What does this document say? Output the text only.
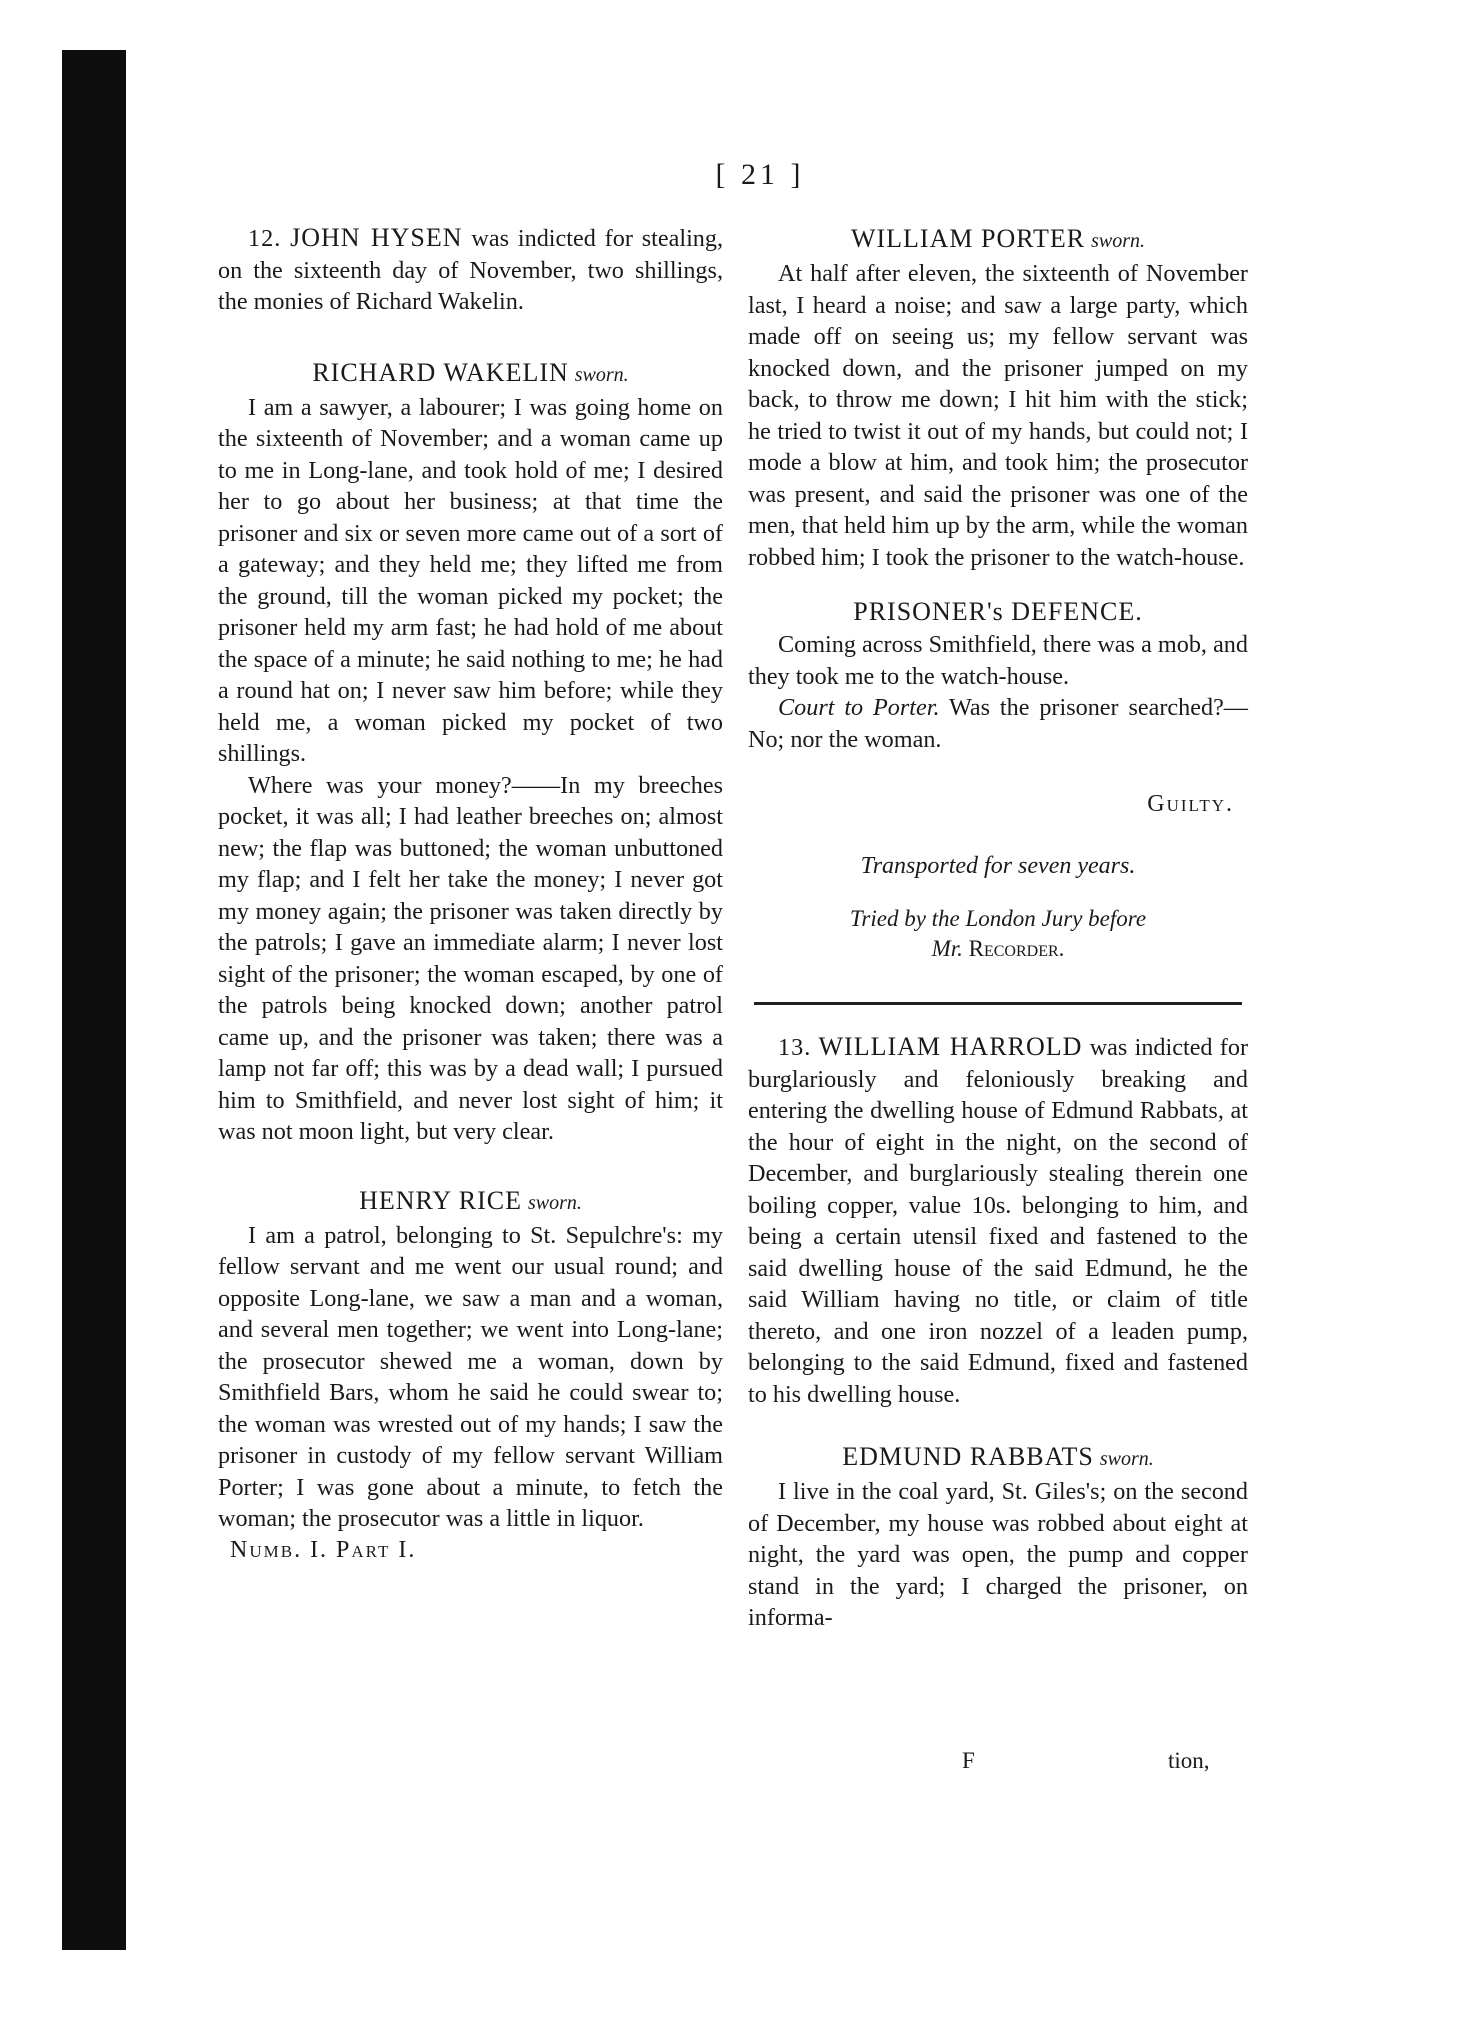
[ 21 ]

12. JOHN HYSEN was indicted for stealing, on the sixteenth day of November, two shillings, the monies of Richard Wakelin.

RICHARD WAKELIN sworn.

I am a sawyer, a labourer; I was going home on the sixteenth of November; and a woman came up to me in Long-lane, and took hold of me; I desired her to go about her business; at that time the prisoner and six or seven more came out of a sort of a gateway; and they held me; they lifted me from the ground, till the woman picked my pocket; the prisoner held my arm fast; he had hold of me about the space of a minute; he said nothing to me; he had a round hat on; I never saw him before; while they held me, a woman picked my pocket of two shillings.

Where was your money?——In my breeches pocket, it was all; I had leather breeches on; almost new; the flap was buttoned; the woman unbuttoned my flap; and I felt her take the money; I never got my money again; the prisoner was taken directly by the patrols; I gave an immediate alarm; I never lost sight of the prisoner; the woman escaped, by one of the patrols being knocked down; another patrol came up, and the prisoner was taken; there was a lamp not far off; this was by a dead wall; I pursued him to Smithfield, and never lost sight of him; it was not moon light, but very clear.

HENRY RICE sworn.

I am a patrol, belonging to St. Sepulchre's: my fellow servant and me went our usual round; and opposite Long-lane, we saw a man and a woman, and several men together; we went into Long-lane; the prosecutor shewed me a woman, down by Smithfield Bars, whom he said he could swear to; the woman was wrested out of my hands; I saw the prisoner in custody of my fellow servant William Porter; I was gone about a minute, to fetch the woman; the prosecutor was a little in liquor.

Numb. I. Part I.

WILLIAM PORTER sworn.

At half after eleven, the sixteenth of November last, I heard a noise; and saw a large party, which made off on seeing us; my fellow servant was knocked down, and the prisoner jumped on my back, to throw me down; I hit him with the stick; he tried to twist it out of my hands, but could not; I mode a blow at him, and took him; the prosecutor was present, and said the prisoner was one of the men, that held him up by the arm, while the woman robbed him; I took the prisoner to the watch-house.

PRISONER's DEFENCE.

Coming across Smithfield, there was a mob, and they took me to the watch-house.

Court to Porter. Was the prisoner searched?—No; nor the woman.

Guilty.

Transported for seven years.

Tried by the London Jury before

Mr. Recorder.

13. WILLIAM HARROLD was indicted for burglariously and feloniously breaking and entering the dwelling house of Edmund Rabbats, at the hour of eight in the night, on the second of December, and burglariously stealing therein one boiling copper, value 10s. belonging to him, and being a certain utensil fixed and fastened to the said dwelling house of the said Edmund, he the said William having no title, or claim of title thereto, and one iron nozzel of a leaden pump, belonging to the said Edmund, fixed and fastened to his dwelling house.

EDMUND RABBATS sworn.

I live in the coal yard, St. Giles's; on the second of December, my house was robbed about eight at night, the yard was open, the pump and copper stand in the yard; I charged the prisoner, on informa-

F	tion,
